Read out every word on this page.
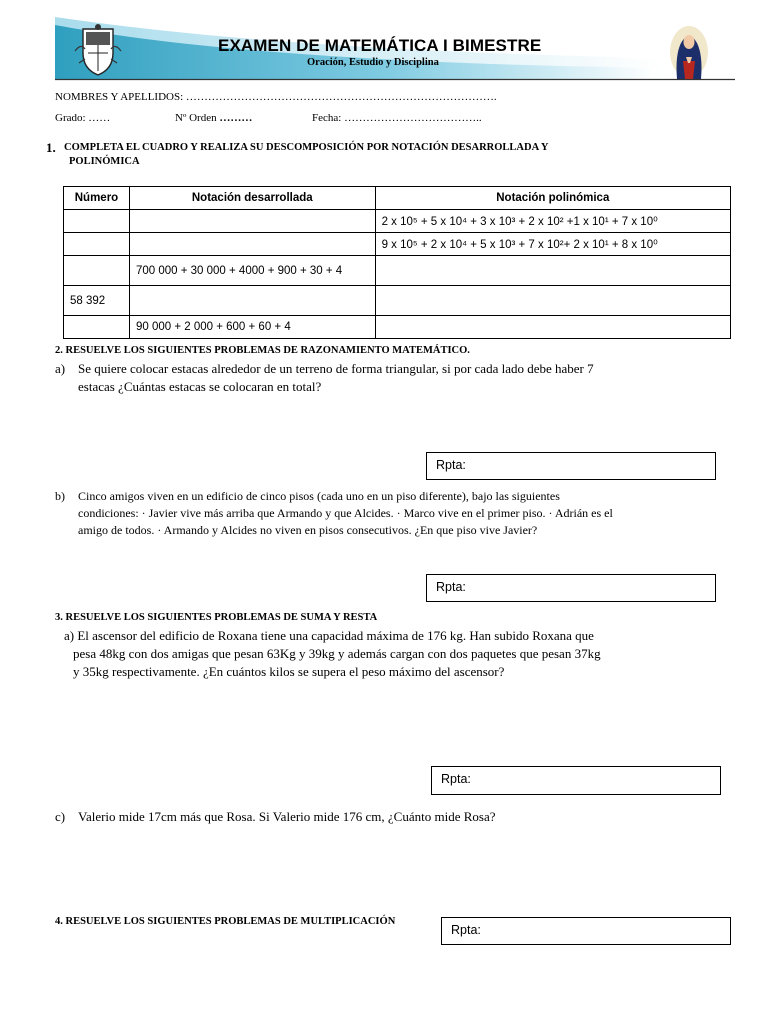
EXAMEN DE MATEMÁTICA I BIMESTRE
Oración, Estudio y Disciplina
NOMBRES Y APELLIDOS: ………………………………………………………………………….
Grado: ……	Nº Orden ………	Fecha: ………………………………..
1. COMPLETA EL CUADRO Y REALIZA SU DESCOMPOSICIÓN POR NOTACIÓN DESARROLLADA Y
POLINÓMICA
Número	Notación desarrollada	Notación polinómica
		2 x 10⁵ + 5 x 10⁴ + 3 x 10³ + 2 x 10² +1 x 10¹ + 7 x 10⁰
		9 x 10⁵ + 2 x 10⁴ + 5 x 10³ + 7 x 10²+ 2 x 10¹ + 8 x 10⁰
	700 000 + 30 000 + 4000 + 900 + 30 + 4	
58 392		
	90 000 + 2 000 + 600 + 60 + 4	
2. RESUELVE LOS SIGUIENTES PROBLEMAS DE RAZONAMIENTO MATEMÁTICO.
a) Se quiere colocar estacas alrededor de un terreno de forma triangular, si por cada lado debe haber 7
estacas ¿Cuántas estacas se colocaran en total?
Rpta:
b) Cinco amigos viven en un edificio de cinco pisos (cada uno en un piso diferente), bajo las siguientes
condiciones: · Javier vive más arriba que Armando y que Alcides. · Marco vive en el primer piso. · Adrián es el
amigo de todos. · Armando y Alcides no viven en pisos consecutivos. ¿En que piso vive Javier?
Rpta:
3. RESUELVE LOS SIGUIENTES PROBLEMAS DE SUMA Y RESTA
a) El ascensor del edificio de Roxana tiene una capacidad máxima de 176 kg. Han subido Roxana que
pesa 48kg con dos amigas que pesan 63Kg y 39kg y además cargan con dos paquetes que pesan 37kg
y 35kg respectivamente. ¿En cuántos kilos se supera el peso máximo del ascensor?
Rpta:
c) Valerio mide 17cm más que Rosa. Si Valerio mide 176 cm, ¿Cuánto mide Rosa?
4. RESUELVE LOS SIGUIENTES PROBLEMAS DE MULTIPLICACIÓN
Rpta:
